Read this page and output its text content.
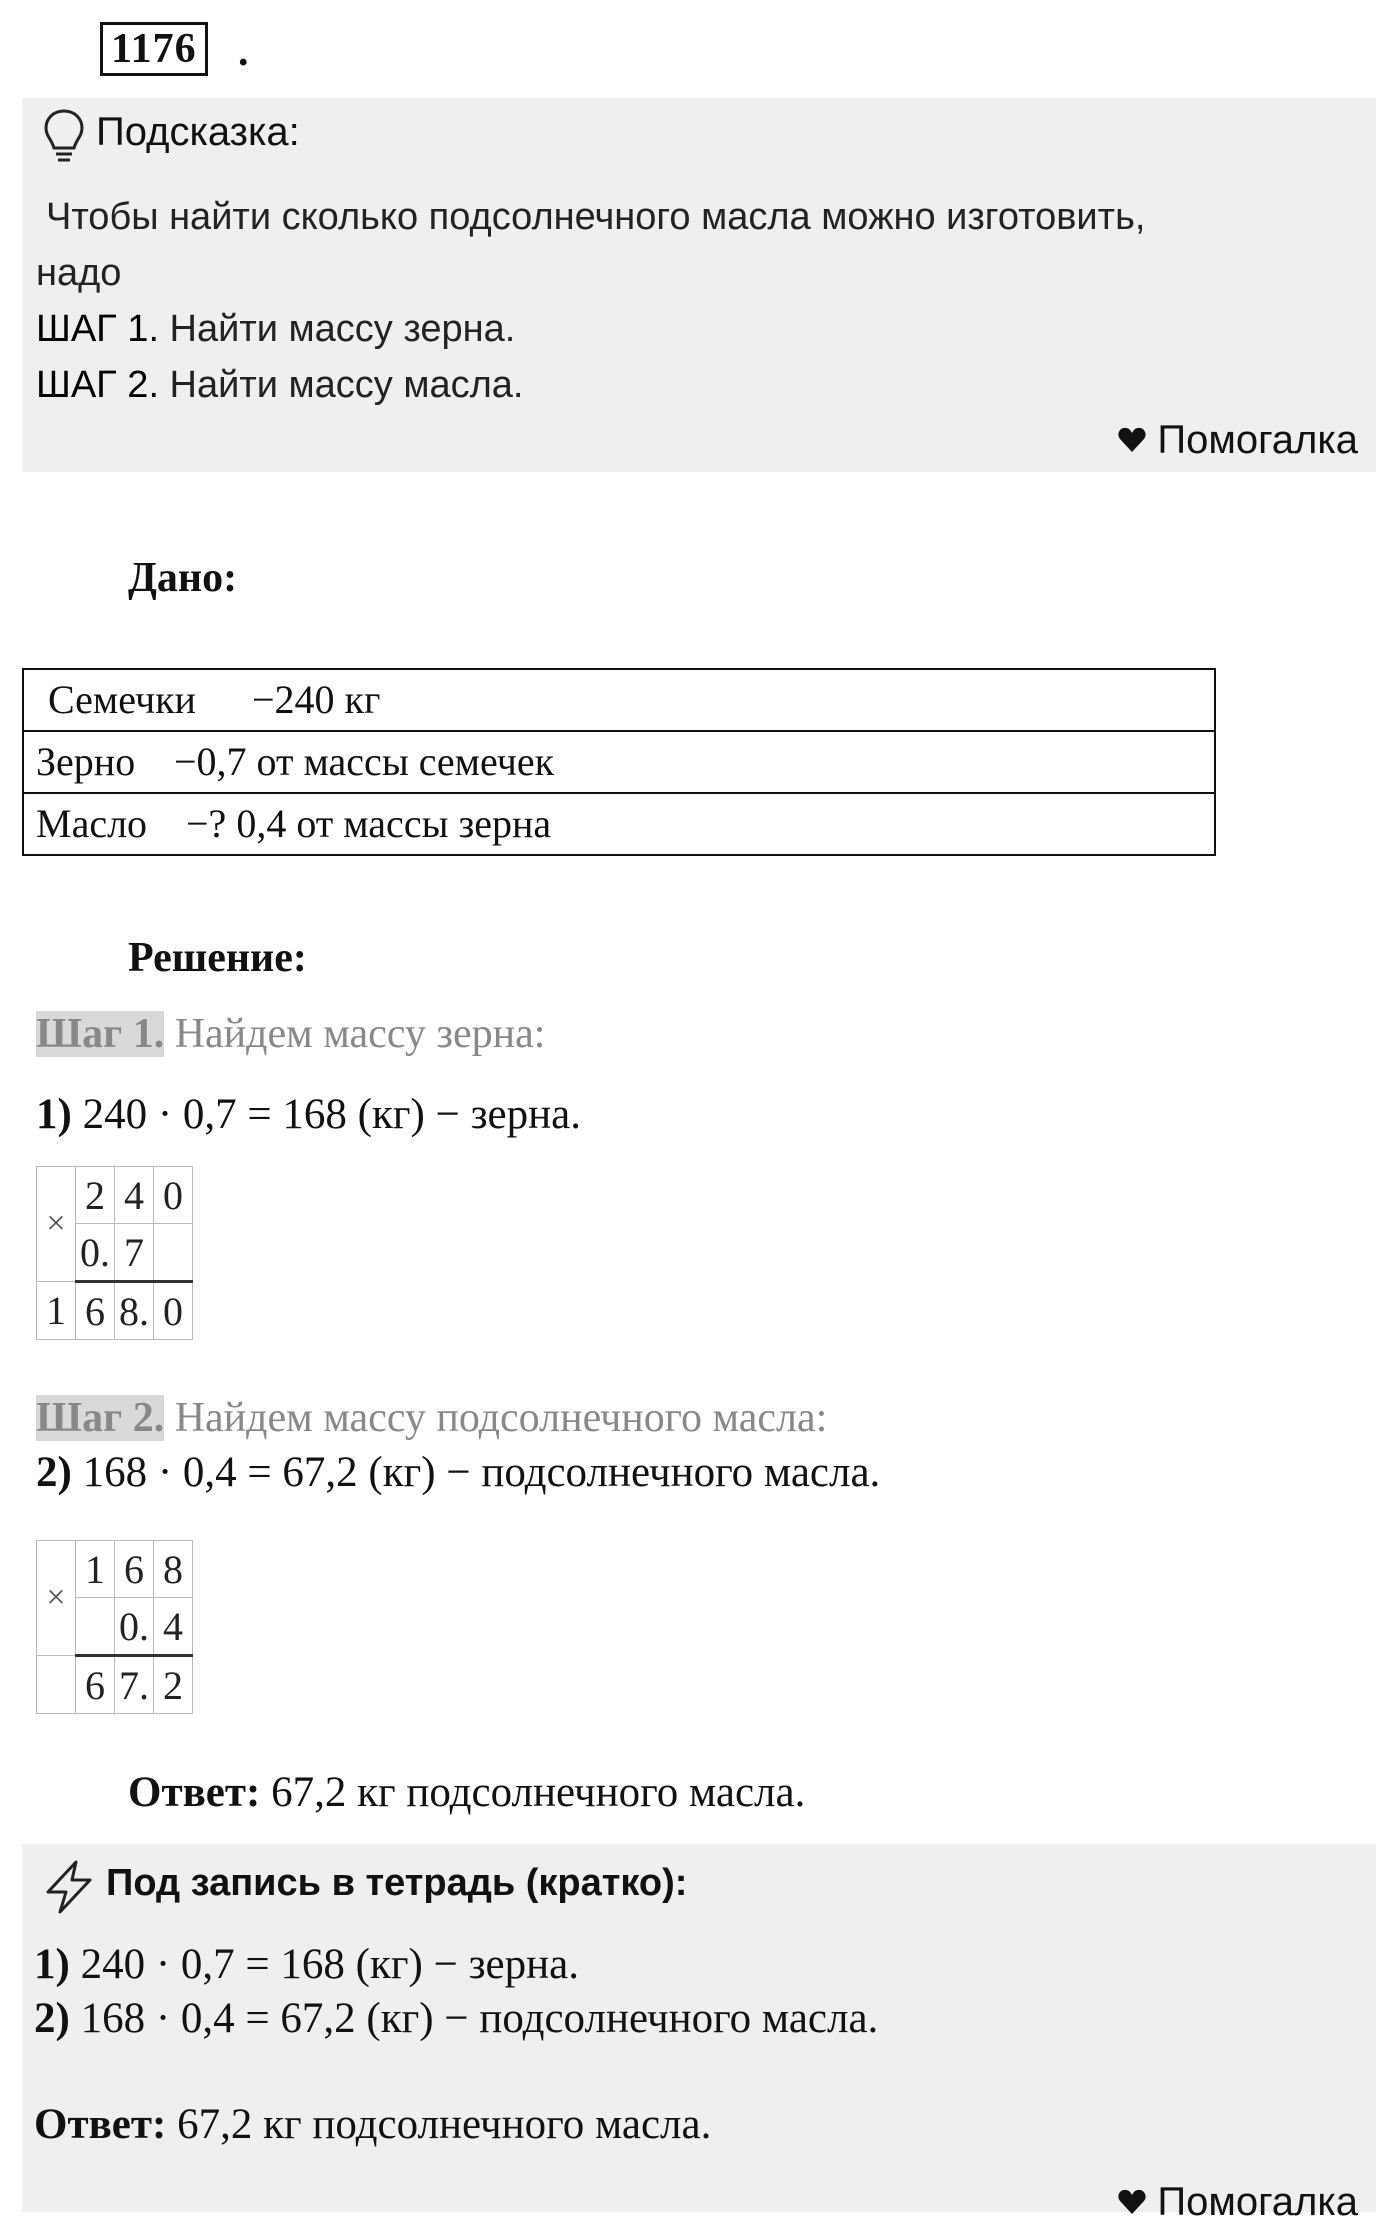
1176 .
Подсказка:
Чтобы найти сколько подсолнечного масла можно изготовить,
надо
ШАГ 1. Найти массу зерна.
ШАГ 2. Найти массу масла.
Помогалка
Дано:
Семечки −240 кг
Зерно −0,7 от массы семечек
Масло −? 0,4 от массы зерна
Решение:
Шаг 1. Найдем массу зерна:
1) 240 · 0,7 = 168 (кг) − зерна.
×	2	4	0
	0.	7	
1	6	8.	0
Шаг 2. Найдем массу подсолнечного масла:
2) 168 · 0,4 = 67,2 (кг) − подсолнечного масла.
×	1	6	8
		0.	4
	6	7.	2
Ответ: 67,2 кг подсолнечного масла.
Под запись в тетрадь (кратко):
1) 240 · 0,7 = 168 (кг) − зерна.
2) 168 · 0,4 = 67,2 (кг) − подсолнечного масла.
Ответ: 67,2 кг подсолнечного масла.
Помогалка
